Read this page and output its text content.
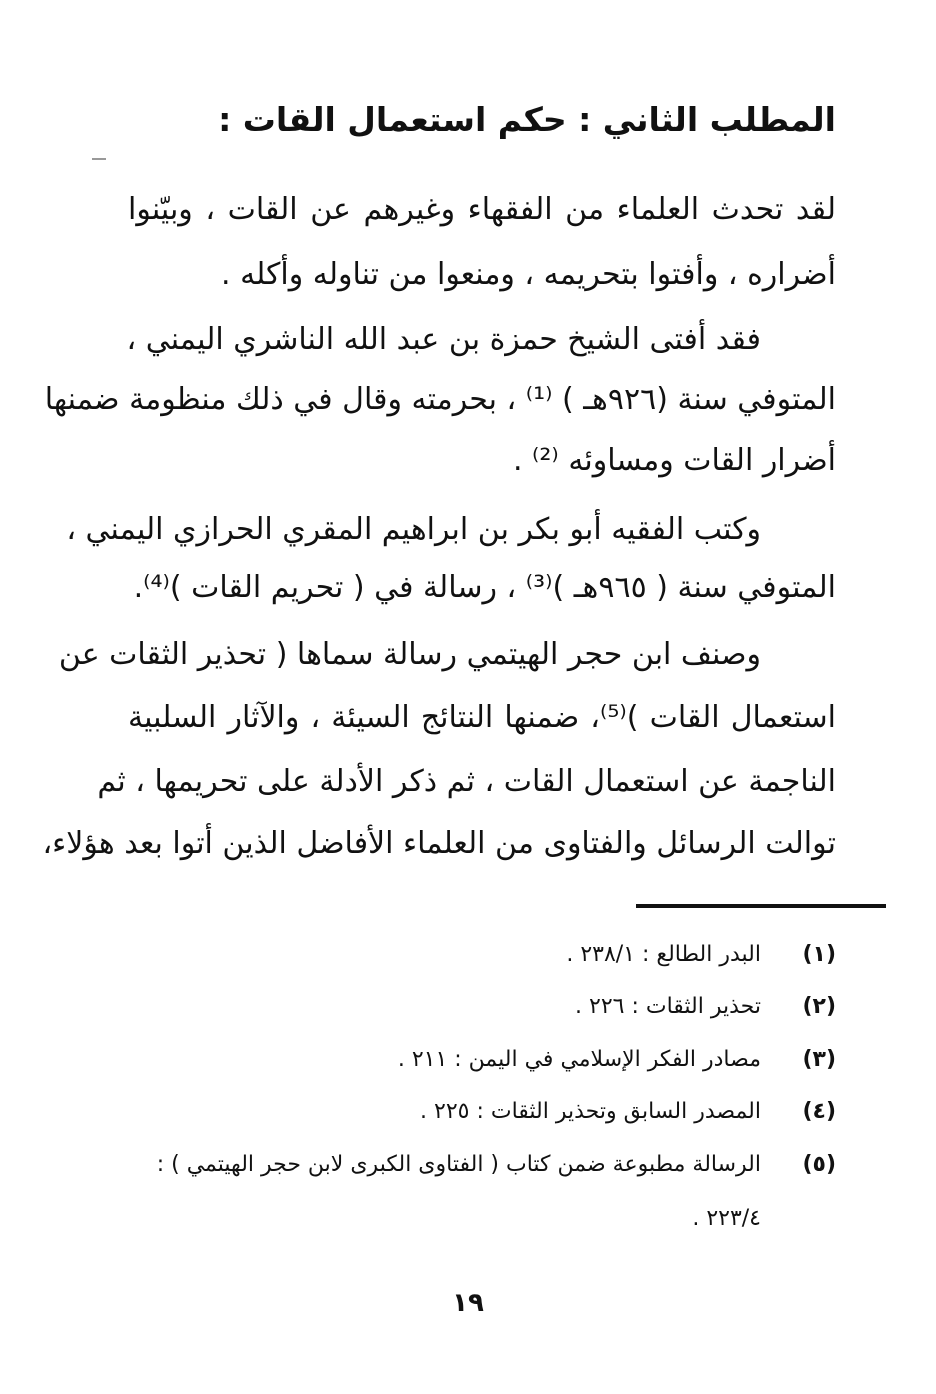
المطلب الثاني : حكم استعمال القات :
لقد تحدث العلماء من الفقهاء وغيرهم عن القات ، وبيّنوا
أضراره ، وأفتوا بتحريمه ، ومنعوا من تناوله وأكله .
فقد أفتى الشيخ حمزة بن عبد الله الناشري اليمني ،
المتوفي سنة (٩٢٦هـ ) ⁽¹⁾ ، بحرمته وقال في ذلك منظومة ضمنها
أضرار القات ومساوئه ⁽²⁾ .
وكتب الفقيه أبو بكر بن ابراهيم المقري الحرازي اليمني ،
المتوفي سنة ( ٩٦٥هـ )⁽³⁾ ، رسالة في ( تحريم القات )⁽⁴⁾.
وصنف ابن حجر الهيتمي رسالة سماها ( تحذير الثقات عن
استعمال القات )⁽⁵⁾، ضمنها النتائج السيئة ، والآثار السلبية
الناجمة عن استعمال القات ، ثم ذكر الأدلة على تحريمها ، ثم
توالت الرسائل والفتاوى من العلماء الأفاضل الذين أتوا بعد هؤلاء،
(١)
البدر الطالع : ٢٣٨/١ .
(٢)
تحذير الثقات : ٢٢٦ .
(٣)
مصادر الفكر الإسلامي في اليمن : ٢١١ .
(٤)
المصدر السابق وتحذير الثقات : ٢٢٥ .
(٥)
الرسالة مطبوعة ضمن كتاب ( الفتاوى الكبرى لابن حجر الهيتمي ) :
٢٢٣/٤ .
١٩
